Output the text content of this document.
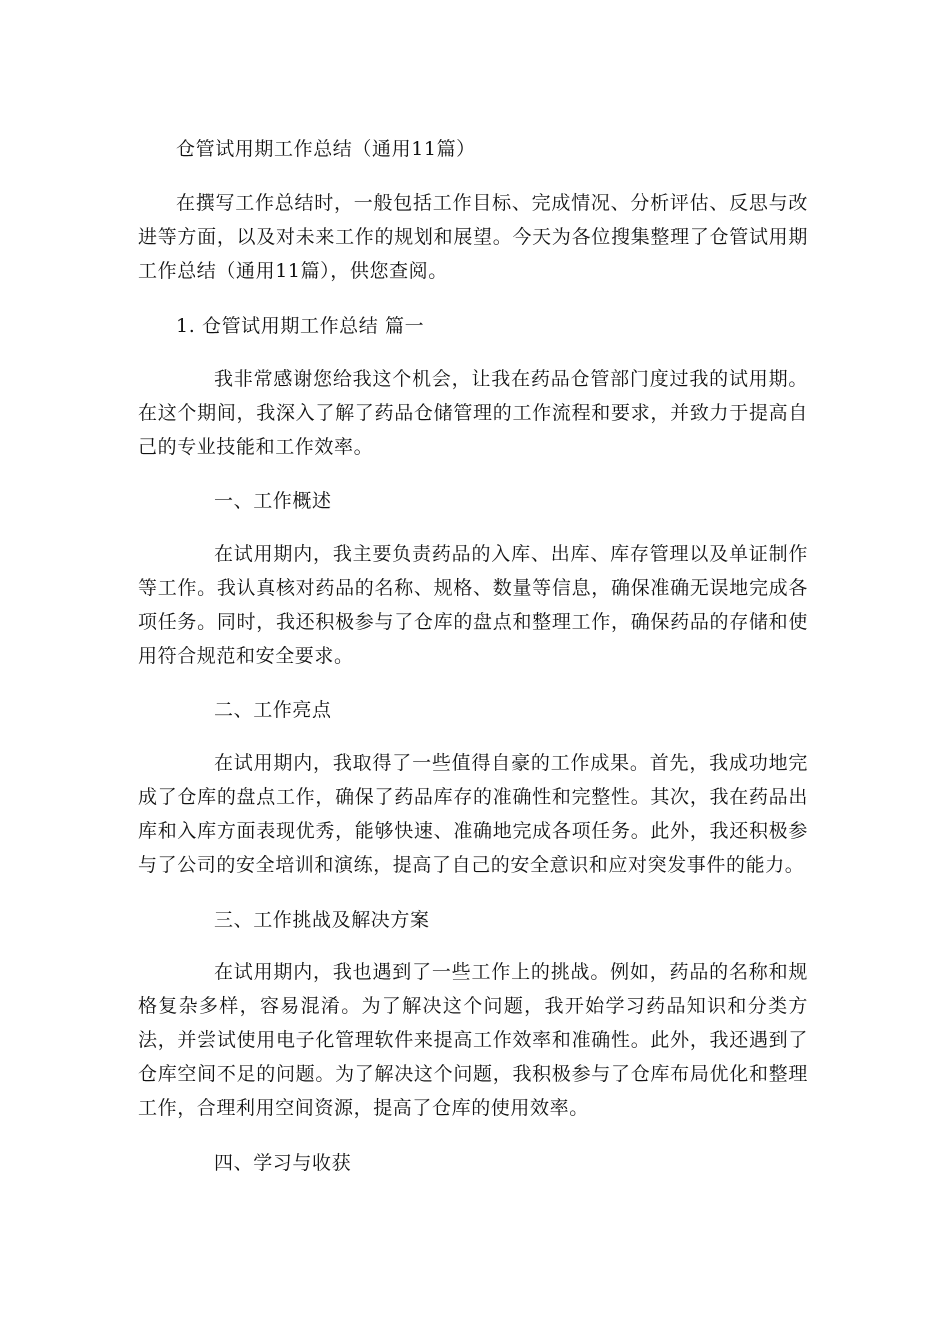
仓管试用期工作总结（通用11篇）

在撰写工作总结时，一般包括工作目标、完成情况、分析评估、反思与改进等方面，以及对未来工作的规划和展望。今天为各位搜集整理了仓管试用期工作总结（通用11篇），供您查阅。

1. 仓管试用期工作总结 篇一

我非常感谢您给我这个机会，让我在药品仓管部门度过我的试用期。在这个期间，我深入了解了药品仓储管理的工作流程和要求，并致力于提高自己的专业技能和工作效率。

一、工作概述

在试用期内，我主要负责药品的入库、出库、库存管理以及单证制作等工作。我认真核对药品的名称、规格、数量等信息，确保准确无误地完成各项任务。同时，我还积极参与了仓库的盘点和整理工作，确保药品的存储和使用符合规范和安全要求。

二、工作亮点

在试用期内，我取得了一些值得自豪的工作成果。首先，我成功地完成了仓库的盘点工作，确保了药品库存的准确性和完整性。其次，我在药品出库和入库方面表现优秀，能够快速、准确地完成各项任务。此外，我还积极参与了公司的安全培训和演练，提高了自己的安全意识和应对突发事件的能力。

三、工作挑战及解决方案

在试用期内，我也遇到了一些工作上的挑战。例如，药品的名称和规格复杂多样，容易混淆。为了解决这个问题，我开始学习药品知识和分类方法，并尝试使用电子化管理软件来提高工作效率和准确性。此外，我还遇到了仓库空间不足的问题。为了解决这个问题，我积极参与了仓库布局优化和整理工作，合理利用空间资源，提高了仓库的使用效率。

四、学习与收获
